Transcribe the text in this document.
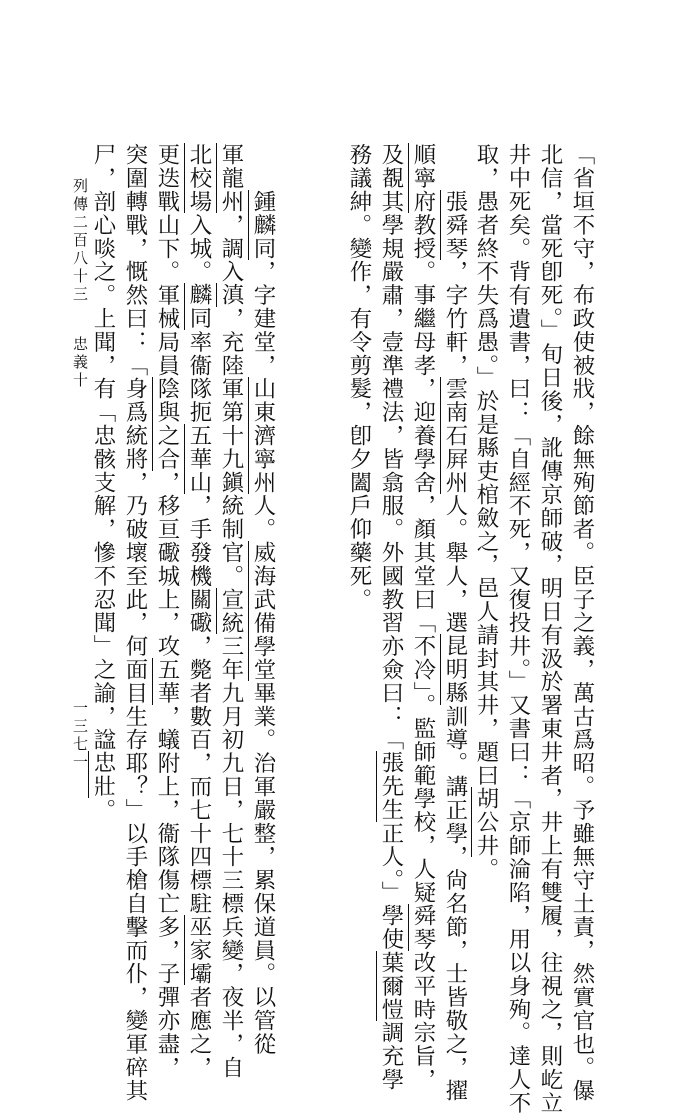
「省垣不守，布政使被戕，餘無殉節者。臣子之義，萬古爲昭。予雖無守土責，然實官也。儤
北信，當死卽死。」旬日後，訛傳京師破，明日有汲於署東井者，井上有雙履，往視之，則屹立
井中死矣。背有遺書，曰：「自經不死，又復投井。」又書曰：「京師淪陷，用以身殉。達人不
取，愚者終不失爲愚。」於是縣吏棺斂之，邑人請封其井，題曰胡公井。
　　張舜琴，字竹軒，雲南石屛州人。舉人，選昆明縣訓導。講正學，尙名節，士皆敬之，擢
順寧府教授。事繼母孝，迎養學舍，顏其堂曰「不冷」。監師範學校，人疑舜琴改平時宗旨，
及覩其學規嚴肅，壹準禮法，皆翕服。外國教習亦僉曰：「張先生正人。」學使葉爾愷調充學
務議紳。變作，有令剪髮，卽夕闔戶仰藥死。
　　鍾麟同，字建堂，山東濟寧州人。威海武備學堂畢業。治軍嚴整，累保道員。以管從
軍龍州，調入滇，充陸軍第十九鎭統制官。宣統三年九月初九日，七十三標兵變，夜半，自
北校場入城。麟同率衞隊扼五華山，手發機關礮，斃者數百，而七十四標駐巫家壩者應之，
更迭戰山下。軍械局員陰與之合，移亘礮城上，攻五華，蟻附上，衞隊傷亡多，子彈亦盡，
突圍轉戰，慨然曰：「身爲統將，乃破壞至此，何面目生存耶？」以手槍自擊而仆，變軍碎其
尸，剖心啖之。上聞，有「忠骸支解，慘不忍聞」之諭，諡忠壯。
列傳二百八十三
忠義十
一三七一
